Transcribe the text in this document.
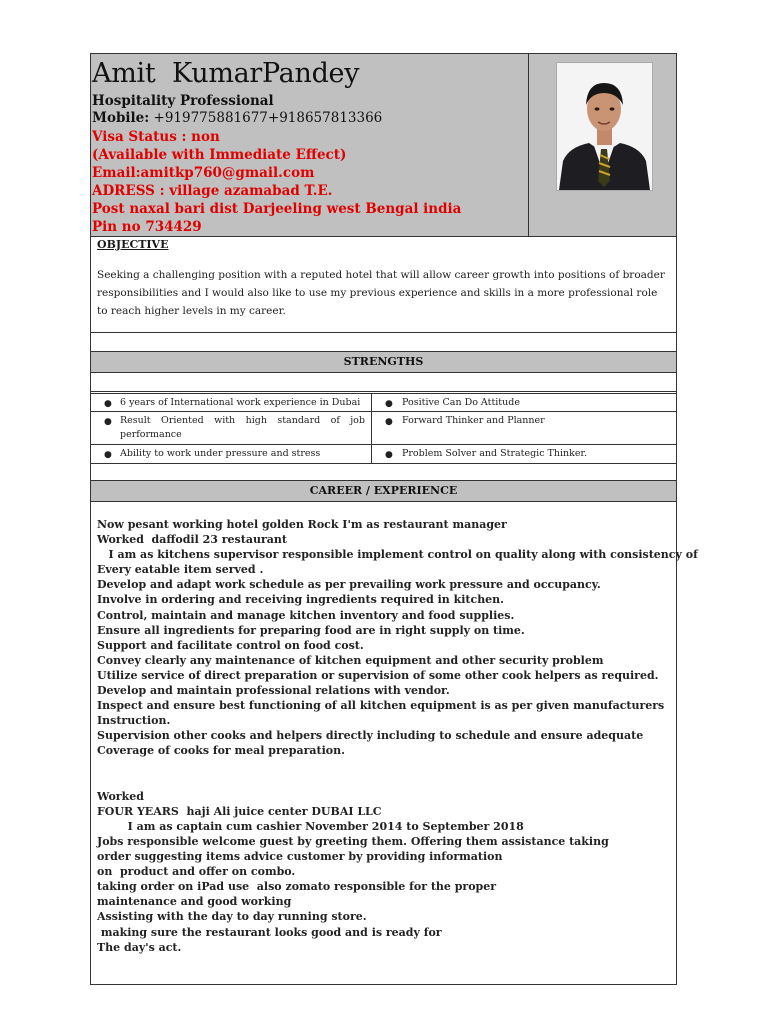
Amit  KumarPandey
Hospitality Professional
Mobile: +919775881677+918657813366
Visa Status : non
(Available with Immediate Effect)
Email:amitkp760@gmail.com
ADRESS : village azamabad T.E.
Post naxal bari dist Darjeeling west Bengal india
Pin no 734429
OBJECTIVE
Seeking a challenging position with a reputed hotel that will allow career growth into positions of broader responsibilities and I would also like to use my previous experience and skills in a more professional role to reach higher levels in my career.
STRENGTHS
● 6 years of International work experience in Dubai	● Positive Can Do Attitude
● Result Oriented with high standard of job performance
● Forward Thinker and Planner
● Ability to work under pressure and stress	● Problem Solver and Strategic Thinker.
CAREER / EXPERIENCE
Now pesant working hotel golden Rock I'm as restaurant manager
Worked  daffodil 23 restaurant
I am as kitchens supervisor responsible implement control on quality along with consistency of
Every eatable item served .
Develop and adapt work schedule as per prevailing work pressure and occupancy.
Involve in ordering and receiving ingredients required in kitchen.
Control, maintain and manage kitchen inventory and food supplies.
Ensure all ingredients for preparing food are in right supply on time.
Support and facilitate control on food cost.
Convey clearly any maintenance of kitchen equipment and other security problem
Utilize service of direct preparation or supervision of some other cook helpers as required.
Develop and maintain professional relations with vendor.
Inspect and ensure best functioning of all kitchen equipment is as per given manufacturers
Instruction.
Supervision other cooks and helpers directly including to schedule and ensure adequate
Coverage of cooks for meal preparation.
Worked
FOUR YEARS  haji Ali juice center DUBAI LLC
I am as captain cum cashier November 2014 to September 2018
Jobs responsible welcome guest by greeting them. Offering them assistance taking
order suggesting items advice customer by providing information
on  product and offer on combo.
taking order on iPad use  also zomato responsible for the proper
maintenance and good working
Assisting with the day to day running store.
making sure the restaurant looks good and is ready for
The day's act.
